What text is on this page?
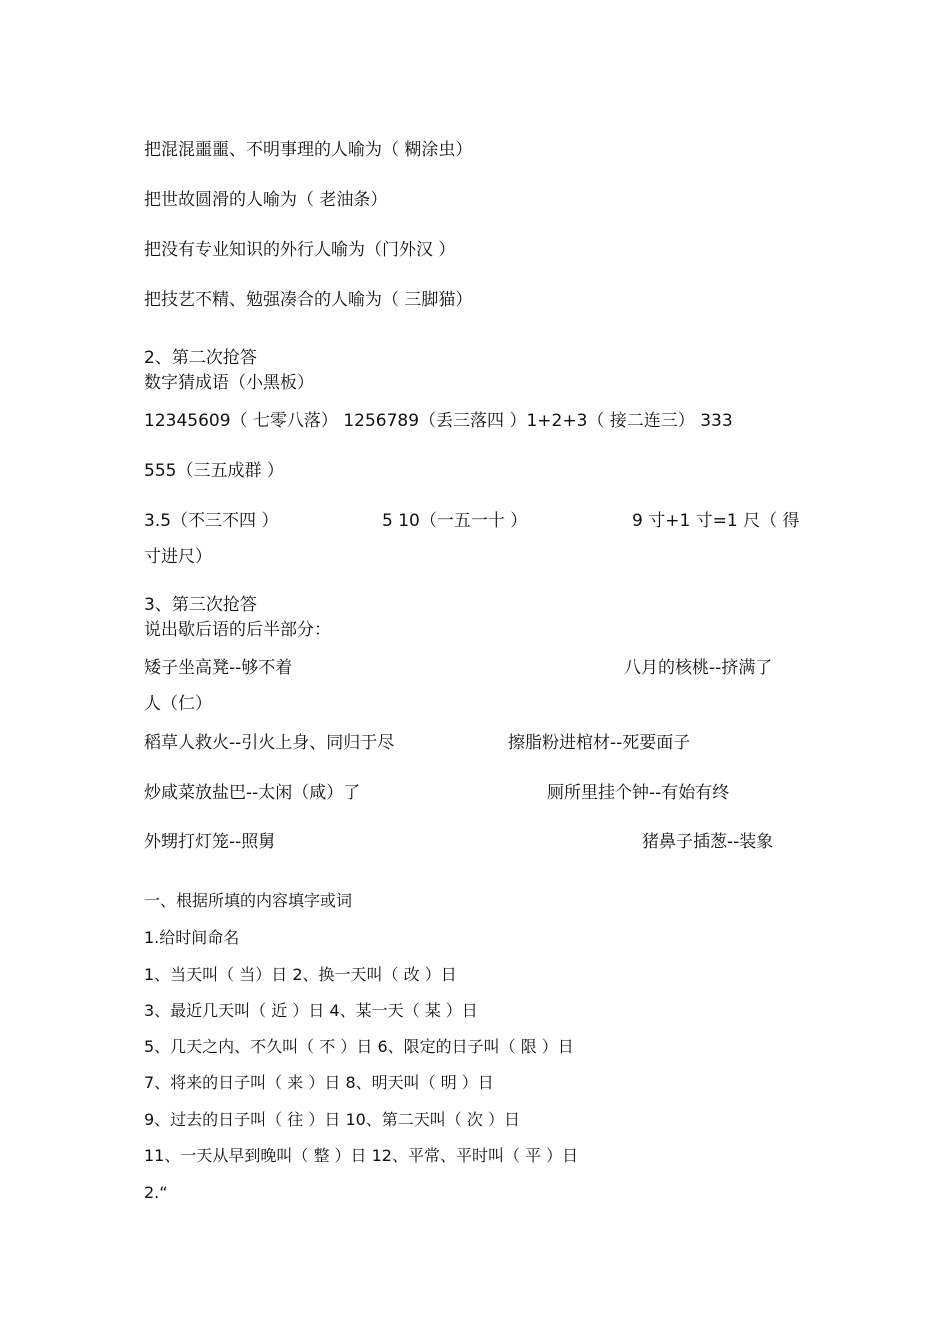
把混混噩噩、不明事理的人喻为（ 糊涂虫）
把世故圆滑的人喻为（ 老油条）
把没有专业知识的外行人喻为（门外汉 ）
把技艺不精、勉强凑合的人喻为（ 三脚猫）
2、第二次抢答
数字猜成语（小黑板）
12345609（ 七零八落） 1256789（丢三落四 ）1+2+3（ 接二连三） 333
555（三五成群 ）
3.5（不三不四 ）	5 10（一五一十 ）	9 寸+1 寸=1 尺（ 得
寸进尺）
3、第三次抢答
说出歇后语的后半部分：
矮子坐高凳--够不着	八月的核桃--挤满了
人（仁）
稻草人救火--引火上身、同归于尽	擦脂粉进棺材--死要面子
炒咸菜放盐巴--太闲（咸）了	厕所里挂个钟--有始有终
外甥打灯笼--照舅	猪鼻子插葱--装象
一、根据所填的内容填字或词
1.给时间命名
1、当天叫（ 当）日 2、换一天叫（ 改 ）日
3、最近几天叫（ 近 ）日 4、某一天（ 某 ）日
5、几天之内、不久叫（ 不 ）日 6、限定的日子叫（ 限 ）日
7、将来的日子叫（ 来 ）日 8、明天叫（ 明 ）日
9、过去的日子叫（ 往 ）日 10、第二天叫（ 次 ）日
11、一天从早到晚叫（ 整 ）日 12、平常、平时叫（ 平 ）日
2.“
